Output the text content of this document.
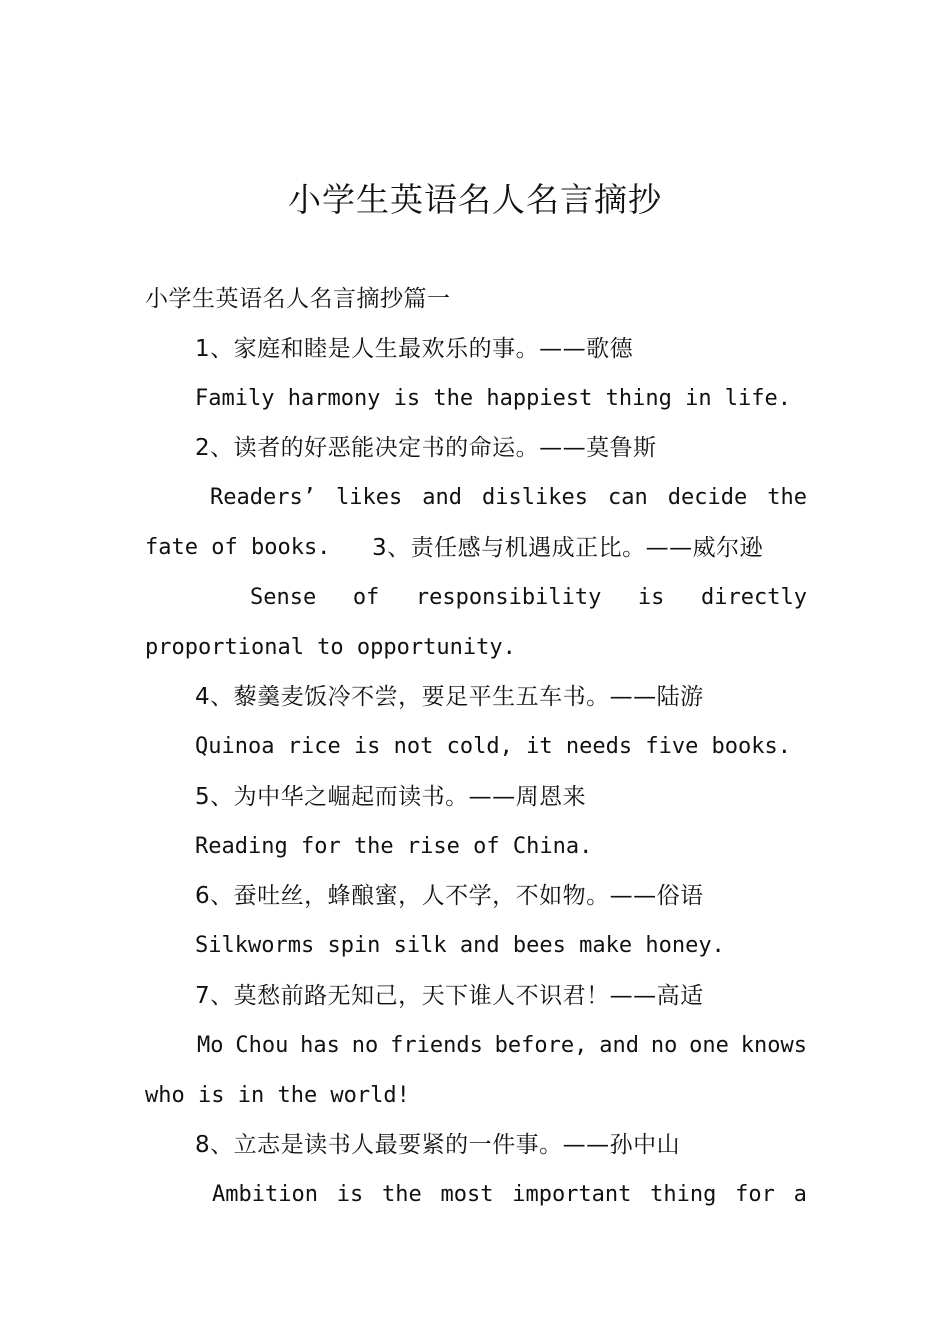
小学生英语名人名言摘抄

小学生英语名人名言摘抄篇一

1、家庭和睦是人生最欢乐的事。——歌德

Family harmony is the happiest thing in life.

2、读者的好恶能决定书的命运。——莫鲁斯

Readers’ likes and dislikes can decide the

fate of books. 3、责任感与机遇成正比。——威尔逊

Sense of responsibility is directly

proportional to opportunity.

4、藜羹麦饭冷不尝，要足平生五车书。——陆游

Quinoa rice is not cold, it needs five books.

5、为中华之崛起而读书。——周恩来

Reading for the rise of China.

6、蚕吐丝，蜂酿蜜，人不学，不如物。——俗语

Silkworms spin silk and bees make honey.

7、莫愁前路无知己，天下谁人不识君！——高适

Mo Chou has no friends before, and no one knows

who is in the world!

8、立志是读书人最要紧的一件事。——孙中山

Ambition is the most important thing for a
